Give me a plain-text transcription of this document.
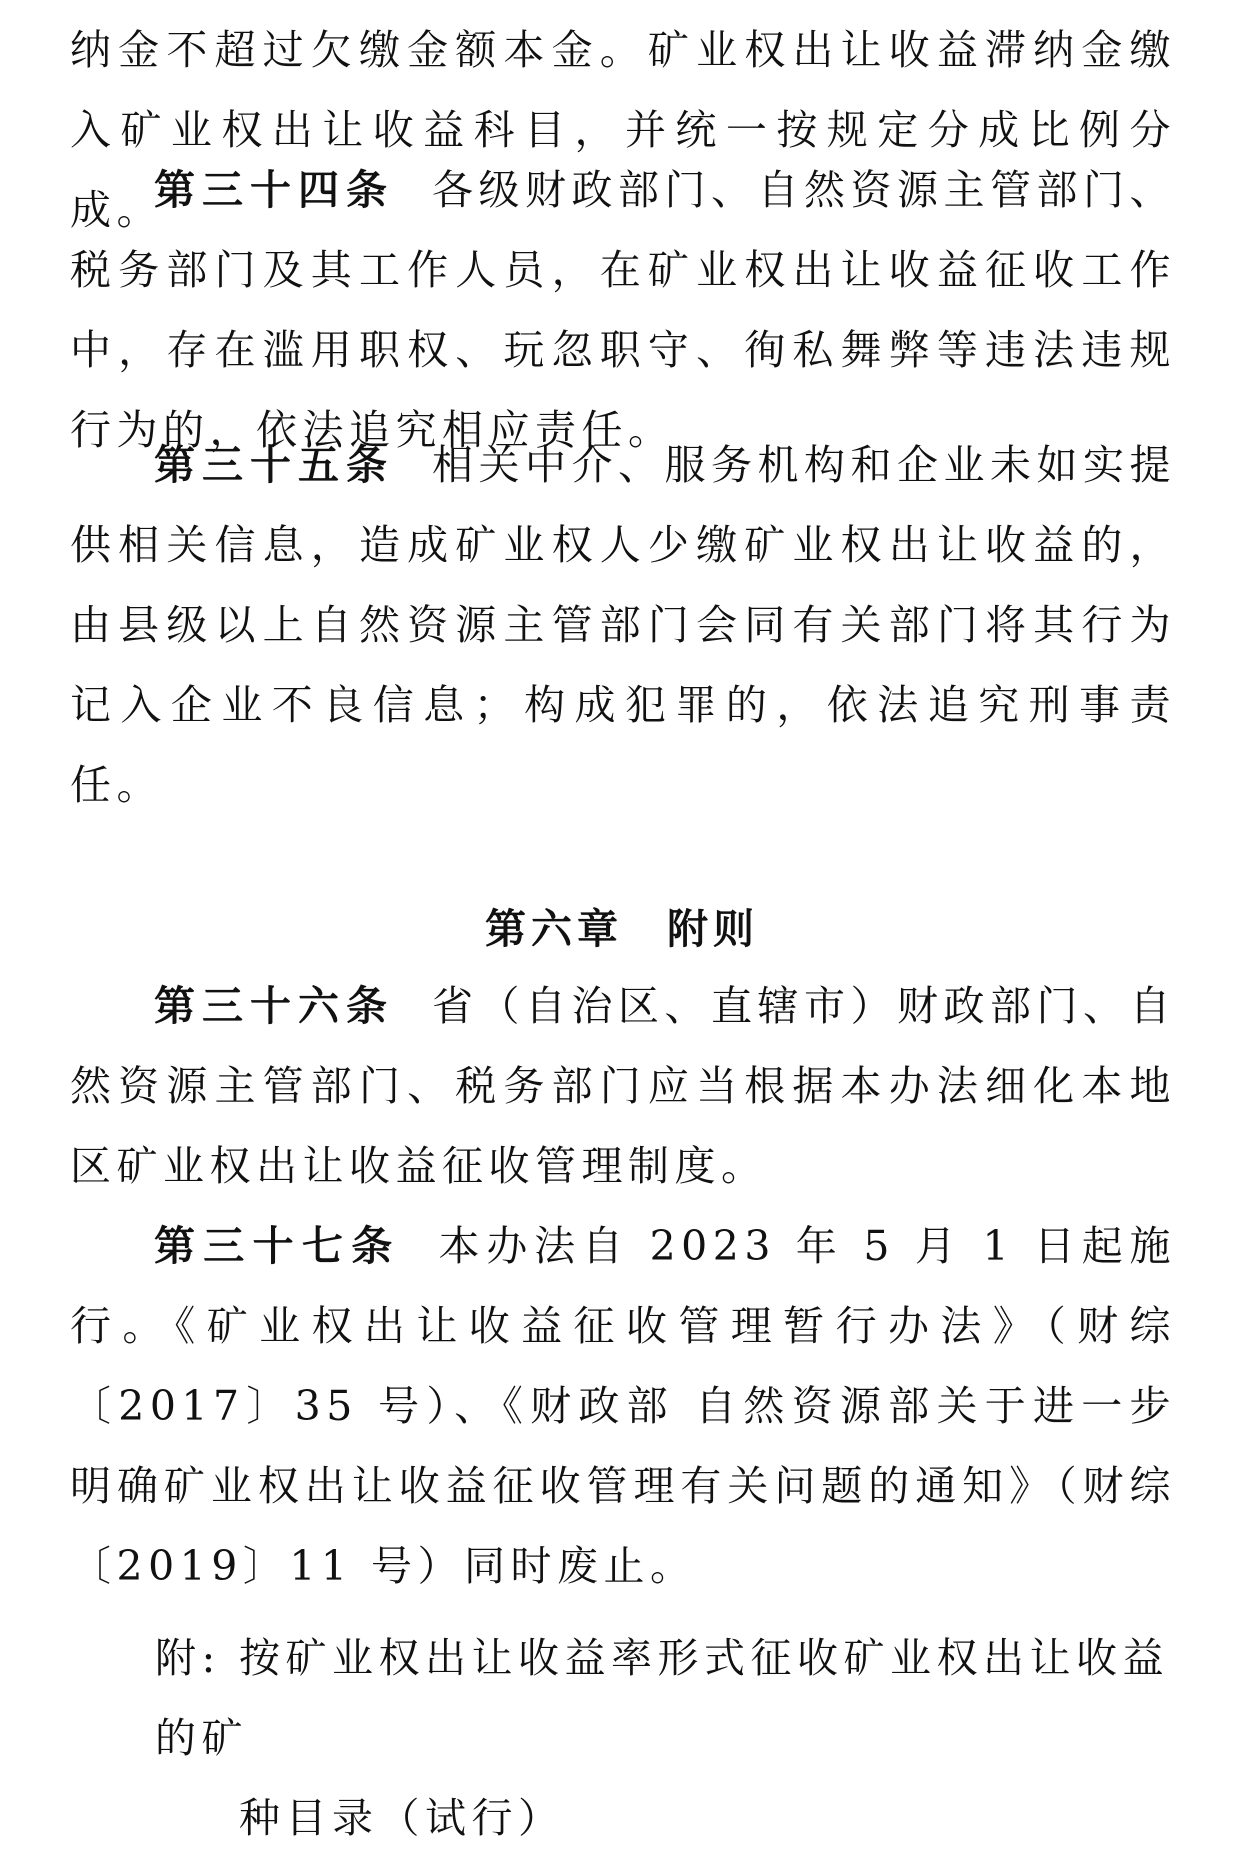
纳金不超过欠缴金额本金。矿业权出让收益滞纳金缴入矿业权出让收益科目，并统一按规定分成比例分成。

第三十四条 各级财政部门、自然资源主管部门、税务部门及其工作人员，在矿业权出让收益征收工作中，存在滥用职权、玩忽职守、徇私舞弊等违法违规行为的，依法追究相应责任。

第三十五条 相关中介、服务机构和企业未如实提供相关信息，造成矿业权人少缴矿业权出让收益的，由县级以上自然资源主管部门会同有关部门将其行为记入企业不良信息；构成犯罪的，依法追究刑事责任。

第六章 附则

第三十六条 省（自治区、直辖市）财政部门、自然资源主管部门、税务部门应当根据本办法细化本地区矿业权出让收益征收管理制度。

第三十七条 本办法自 2023 年 5 月 1 日起施行。《矿业权出让收益征收管理暂行办法》（财综〔2017〕35 号）、《财政部 自然资源部关于进一步明确矿业权出让收益征收管理有关问题的通知》（财综〔2019〕11 号）同时废止。

附: 按矿业权出让收益率形式征收矿业权出让收益的矿
种目录（试行）
